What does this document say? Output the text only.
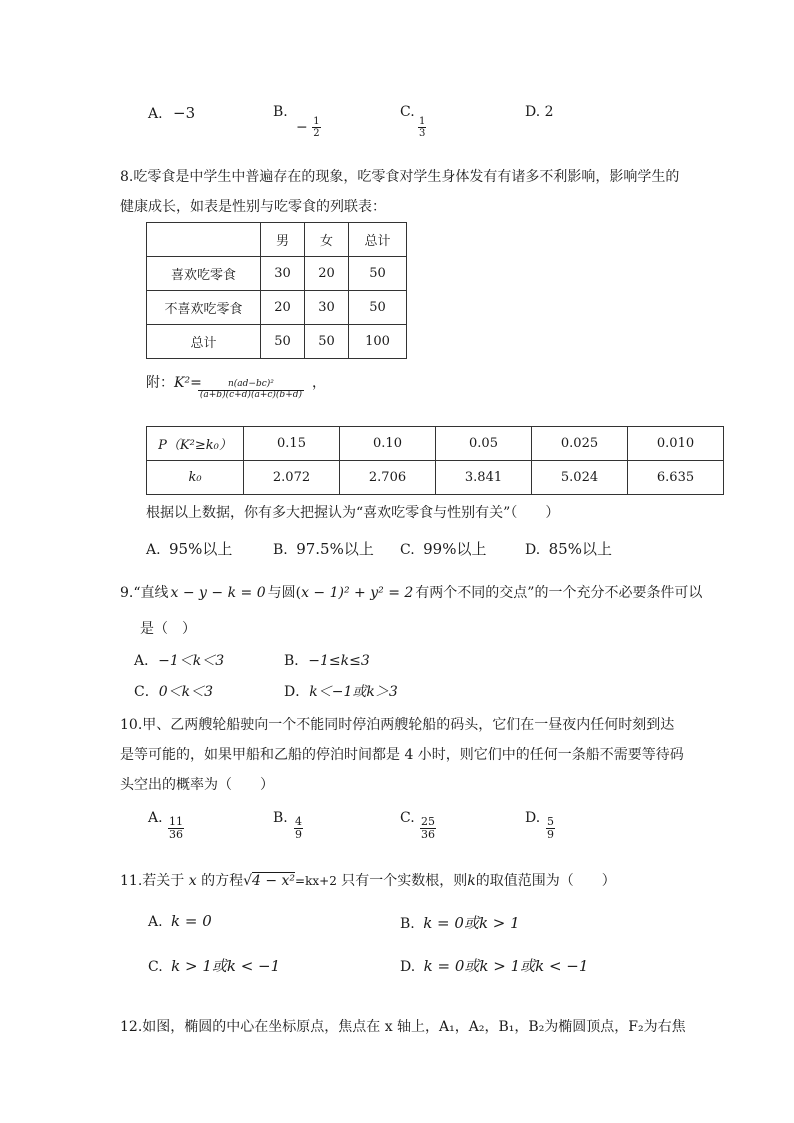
A. −3	B.
− $\frac{1}{2}$
C.
$\frac{1}{3}$
D. 2
8.吃零食是中学生中普遍存在的现象，吃零食对学生身体发有有诸多不利影响，影响学生的
健康成长，如表是性别与吃零食的列联表：
	男	女	总计
喜欢吃零食	30	20	50
不喜欢吃零食	20	30	50
总计	50	50	100
附：K²=
$\frac{\text{n(ad−bc)²}}{(a+b)(c+d)(a+c)(b+d)}$ ，
P（K²≥k₀）	0.15	0.10	0.05	0.025	0.010
k₀	2.072	2.706	3.841	5.024	6.635
根据以上数据，你有多大把握认为“喜欢吃零食与性别有关”（　　）
A. 95%以上	B. 97.5%以上 C. 99%以上	D. 85%以上
9.“直线 x − y − k = 0 与圆(x − 1)² + y² = 2 有两个不同的交点”的一个充分不必要条件可以
是（　）
A．−1＜k＜3	B．−1≤k≤3
C．0＜k＜3	D．k＜−1或k＞3
10.甲、乙两艘轮船驶向一个不能同时停泊两艘轮船的码头，它们在一昼夜内任何时刻到达
是等可能的，如果甲船和乙船的停泊时间都是 4 小时，则它们中的任何一条船不需要等待码
头空出的概率为（　　）
A. $\frac{11}{36}$	B. $\frac{4}{9}$	C. $\frac{25}{36}$	D. $\frac{5}{9}$
11.若关于 x 的方程√4 − x²=kx+2 只有一个实数根，则k的取值范围为（　　）
A. k = 0	B. k = 0或k > 1
C. k > 1或k < −1	D. k = 0或k > 1或k < −1
12.如图，椭圆的中心在坐标原点，焦点在 x 轴上，A₁，A₂，B₁，B₂为椭圆顶点，F₂为右焦
